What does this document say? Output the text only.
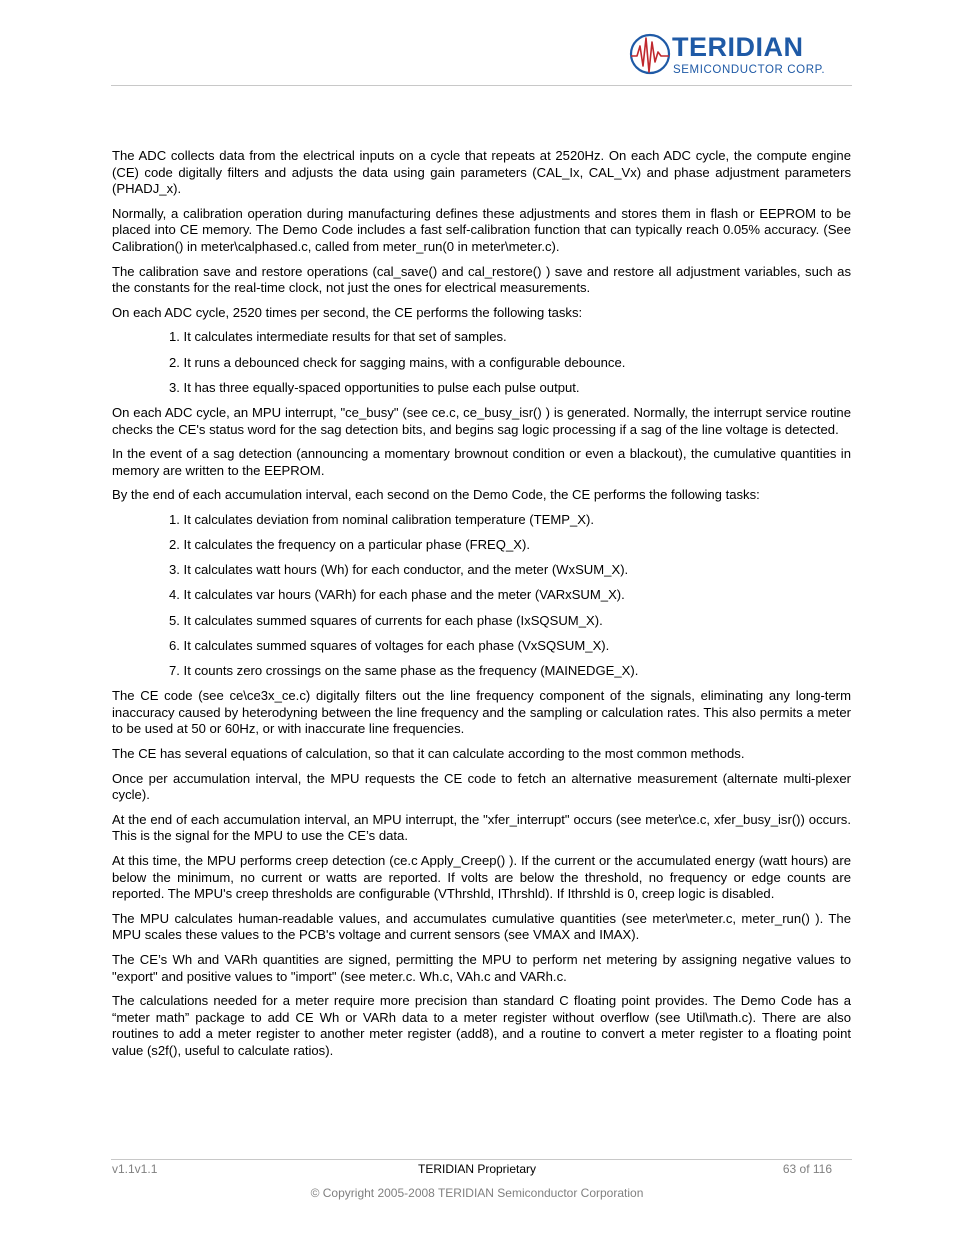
TERIDIAN
SEMICONDUCTOR CORP.

The ADC collects data from the electrical inputs on a cycle that repeats at 2520Hz. On each ADC cycle, the compute engine (CE) code digitally filters and adjusts the data using gain parameters (CAL_Ix, CAL_Vx) and phase adjustment parameters (PHADJ_x).

Normally, a calibration operation during manufacturing defines these adjustments and stores them in flash or EEPROM to be placed into CE memory. The Demo Code includes a fast self-calibration function that can typically reach 0.05% accuracy. (See Calibration() in meter\calphased.c, called from meter_run(0 in meter\meter.c).

The calibration save and restore operations (cal_save() and cal_restore() ) save and restore all adjustment variables, such as the constants for the real-time clock, not just the ones for electrical measurements.

On each ADC cycle, 2520 times per second, the CE performs the following tasks:

1. It calculates intermediate results for that set of samples.
2. It runs a debounced check for sagging mains, with a configurable debounce.
3. It has three equally-spaced opportunities to pulse each pulse output.

On each ADC cycle, an MPU interrupt, "ce_busy" (see ce.c, ce_busy_isr() ) is generated. Normally, the interrupt service routine checks the CE's status word for the sag detection bits, and begins sag logic processing if a sag of the line voltage is detected.

In the event of a sag detection (announcing a momentary brownout condition or even a blackout), the cumulative quantities in memory are written to the EEPROM.

By the end of each accumulation interval, each second on the Demo Code, the CE performs the following tasks:

1. It calculates deviation from nominal calibration temperature (TEMP_X).
2. It calculates the frequency on a particular phase (FREQ_X).
3. It calculates watt hours (Wh) for each conductor, and the meter (WxSUM_X).
4. It calculates var hours (VARh) for each phase and the meter (VARxSUM_X).
5. It calculates summed squares of currents for each phase (IxSQSUM_X).
6. It calculates summed squares of voltages for each phase (VxSQSUM_X).
7. It counts zero crossings on the same phase as the frequency (MAINEDGE_X).

The CE code (see ce\ce3x_ce.c) digitally filters out the line frequency component of the signals, eliminating any long-term inaccuracy caused by heterodyning between the line frequency and the sampling or calculation rates. This also permits a meter to be used at 50 or 60Hz, or with inaccurate line frequencies.

The CE has several equations of calculation, so that it can calculate according to the most common methods.

Once per accumulation interval, the MPU requests the CE code to fetch an alternative measurement (alternate multi-plexer cycle).

At the end of each accumulation interval, an MPU interrupt, the "xfer_interrupt" occurs (see meter\ce.c, xfer_busy_isr()) occurs. This is the signal for the MPU to use the CE’s data.

At this time, the MPU performs creep detection (ce.c Apply_Creep() ). If the current or the accumulated energy (watt hours) are below the minimum, no current or watts are reported. If volts are below the threshold, no frequency or edge counts are reported. The MPU's creep thresholds are configurable (VThrshld, IThrshld). If Ithrshld is 0, creep logic is disabled.

The MPU calculates human-readable values, and accumulates cumulative quantities (see meter\meter.c, meter_run() ). The MPU scales these values to the PCB's voltage and current sensors (see VMAX and IMAX).

The CE’s Wh and VARh quantities are signed, permitting the MPU to perform net metering by assigning negative values to "export" and positive values to "import" (see meter.c. Wh.c, VAh.c and VARh.c.

The calculations needed for a meter require more precision than standard C floating point provides. The Demo Code has a “meter math” package to add CE Wh or VARh data to a meter register without overflow (see Util\math.c). There are also routines to add a meter register to another meter register (add8), and a routine to convert a meter register to a floating point value (s2f(), useful to calculate ratios).

v1.1v1.1	TERIDIAN Proprietary	63 of 116
© Copyright 2005-2008 TERIDIAN Semiconductor Corporation
